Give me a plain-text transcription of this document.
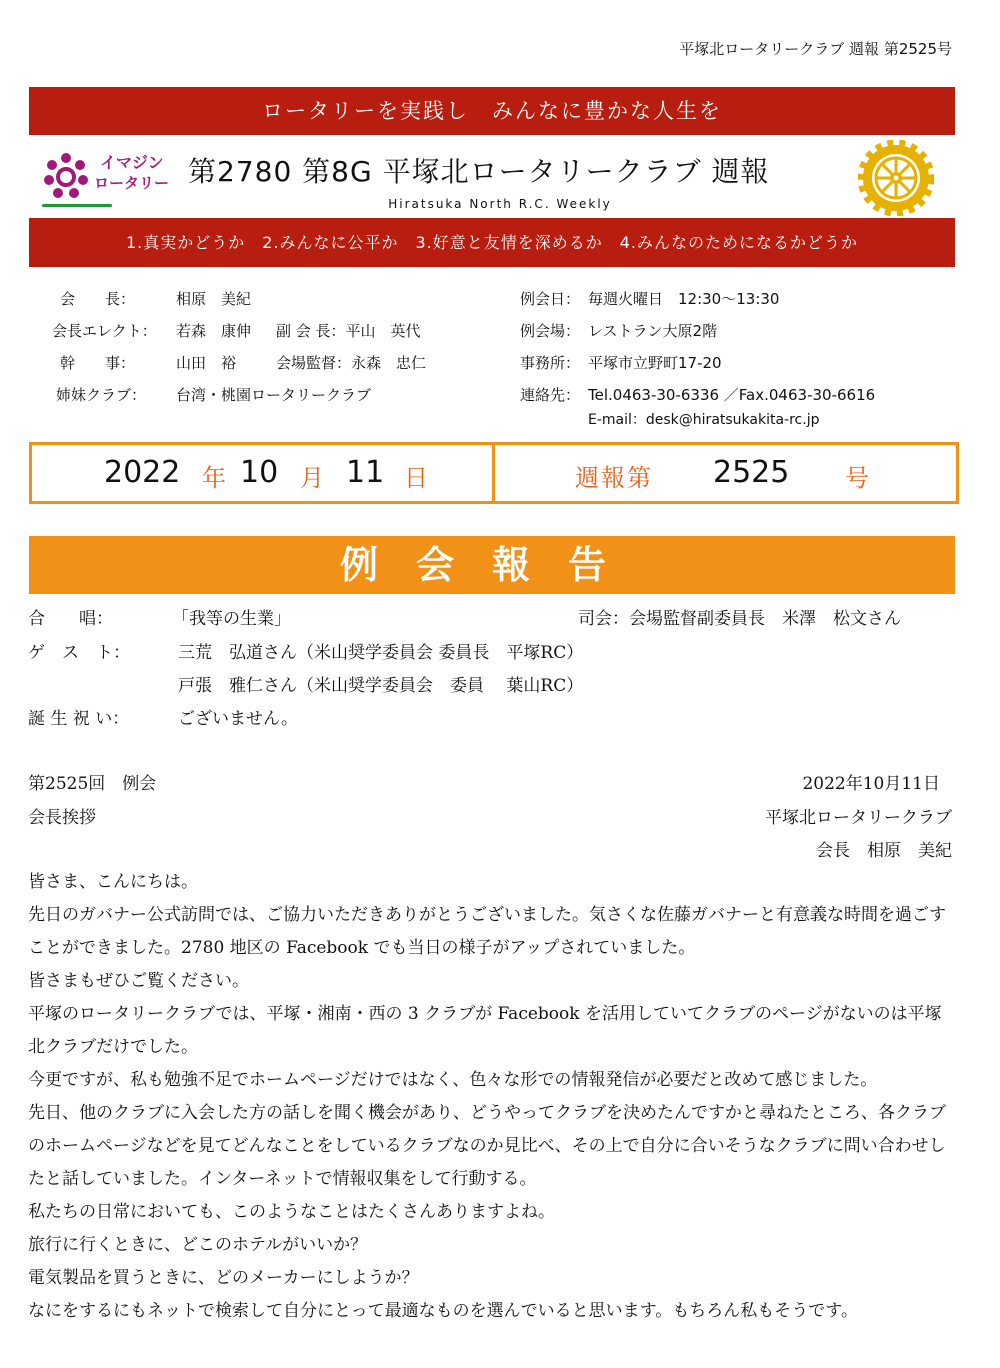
平塚北ロータリークラブ 週報 第2525号
ロータリーを実践し　みんなに豊かな人生を
イマジン
ロータリー 第2780 第8G 平塚北ロータリークラブ 週報
Hiratsuka North R.C. Weekly
1.真実かどうか　2.みんなに公平か　3.好意と友情を深めるか　4.みんなのためになるかどうか
会　　長：	相原　美紀
会長エレクト： 若森　康伸 副 会 長：平山　英代
幹　　事：	山田　裕	会場監督：永森　忠仁
姉妹クラブ： 台湾・桃園ロータリークラブ
例会日： 毎週火曜日　12:30〜13:30
例会場： レストラン大原2階
事務所： 平塚市立野町17-20
連絡先： Tel.0463-30-6336 ／Fax.0463-30-6616
E-mail：desk@hiratsukakita-rc.jp
2022 年 10 月 11 日	週報第 2525 号
例会報告
合　　唱：	「我等の生業」	司会：会場監督副委員長　米澤　松文さん
ゲ　ス　ト：	三荒　弘道さん（米山奨学委員会 委員長　平塚RC）
戸張　雅仁さん（米山奨学委員会　委員　 葉山RC）
誕 生 祝 い：	ございません。
第2525回　例会	2022年10月11日
会長挨拶	平塚北ロータリークラブ
会長　相原　美紀

皆さま、こんにちは。

先日のガバナー公式訪問では、ご協力いただきありがとうございました。気さくな佐藤ガバナーと有意義な時間を過ごすことができました。2780 地区の Facebook でも当日の様子がアップされていました。

皆さまもぜひご覧ください。

平塚のロータリークラブでは、平塚・湘南・西の 3 クラブが Facebook を活用していてクラブのページがないのは平塚北クラブだけでした。

今更ですが、私も勉強不足でホームページだけではなく、色々な形での情報発信が必要だと改めて感じました。

先日、他のクラブに入会した方の話しを聞く機会があり、どうやってクラブを決めたんですかと尋ねたところ、各クラブのホームページなどを見てどんなことをしているクラブなのか見比べ、その上で自分に合いそうなクラブに問い合わせしたと話していました。インターネットで情報収集をして行動する。

私たちの日常においても、このようなことはたくさんありますよね。

旅行に行くときに、どこのホテルがいいか？

電気製品を買うときに、どのメーカーにしようか？

なにをするにもネットで検索して自分にとって最適なものを選んでいると思います。もちろん私もそうです。
